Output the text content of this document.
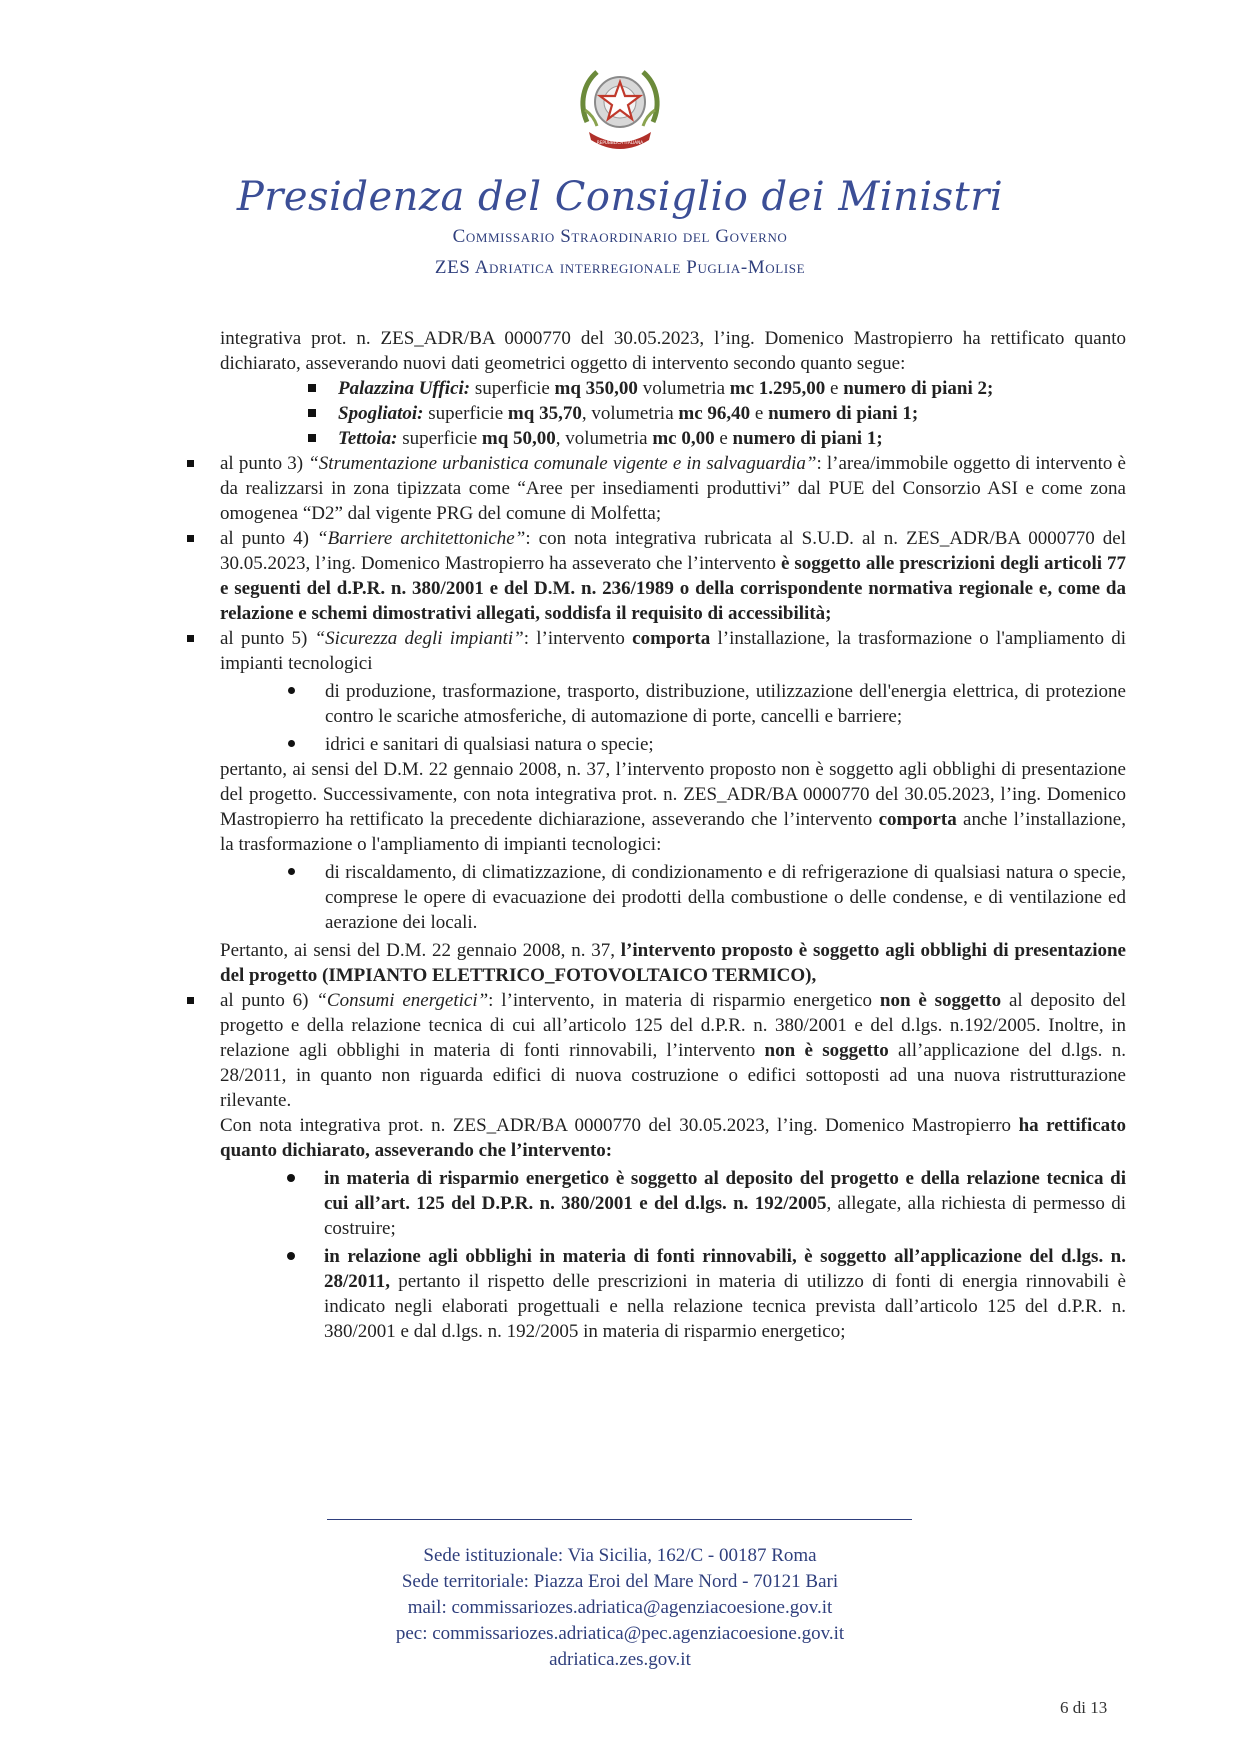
REPUBBLICA ITALIANA
Presidenza del Consiglio dei Ministri
Commissario Straordinario del Governo
ZES Adriatica interregionale Puglia-Molise

integrativa prot. n. ZES_ADR/BA 0000770 del 30.05.2023, l’ing. Domenico Mastropierro ha rettificato quanto dichiarato, asseverando nuovi dati geometrici oggetto di intervento secondo quanto segue:

Palazzina Uffici: superficie mq 350,00 volumetria mc 1.295,00 e numero di piani 2;
Spogliatoi: superficie mq 35,70, volumetria mc 96,40 e numero di piani 1;
Tettoia: superficie mq 50,00, volumetria mc 0,00 e numero di piani 1;
al punto 3) “Strumentazione urbanistica comunale vigente e in salvaguardia”: l’area/immobile oggetto di intervento è da realizzarsi in zona tipizzata come “Aree per insediamenti produttivi” dal PUE del Consorzio ASI e come zona omogenea “D2” dal vigente PRG del comune di Molfetta;
al punto 4) “Barriere architettoniche”: con nota integrativa rubricata al S.U.D. al n. ZES_ADR/BA 0000770 del 30.05.2023, l’ing. Domenico Mastropierro ha asseverato che l’intervento è soggetto alle prescrizioni degli articoli 77 e seguenti del d.P.R. n. 380/2001 e del D.M. n. 236/1989 o della corrispondente normativa regionale e, come da relazione e schemi dimostrativi allegati, soddisfa il requisito di accessibilità;
al punto 5) “Sicurezza degli impianti”: l’intervento comporta l’installazione, la trasformazione o l'ampliamento di impianti tecnologici
di produzione, trasformazione, trasporto, distribuzione, utilizzazione dell'energia elettrica, di protezione contro le scariche atmosferiche, di automazione di porte, cancelli e barriere;
idrici e sanitari di qualsiasi natura o specie;

pertanto, ai sensi del D.M. 22 gennaio 2008, n. 37, l’intervento proposto non è soggetto agli obblighi di presentazione del progetto. Successivamente, con nota integrativa prot. n. ZES_ADR/BA 0000770 del 30.05.2023, l’ing. Domenico Mastropierro ha rettificato la precedente dichiarazione, asseverando che l’intervento comporta anche l’installazione, la trasformazione o l'ampliamento di impianti tecnologici:

di riscaldamento, di climatizzazione, di condizionamento e di refrigerazione di qualsiasi natura o specie, comprese le opere di evacuazione dei prodotti della combustione o delle condense, e di ventilazione ed aerazione dei locali.

Pertanto, ai sensi del D.M. 22 gennaio 2008, n. 37, l’intervento proposto è soggetto agli obblighi di presentazione del progetto (IMPIANTO ELETTRICO_FOTOVOLTAICO TERMICO),

al punto 6) “Consumi energetici”: l’intervento, in materia di risparmio energetico non è soggetto al deposito del progetto e della relazione tecnica di cui all’articolo 125 del d.P.R. n. 380/2001 e del d.lgs. n.192/2005. Inoltre, in relazione agli obblighi in materia di fonti rinnovabili, l’intervento non è soggetto all’applicazione del d.lgs. n. 28/2011, in quanto non riguarda edifici di nuova costruzione o edifici sottoposti ad una nuova ristrutturazione rilevante.

Con nota integrativa prot. n. ZES_ADR/BA 0000770 del 30.05.2023, l’ing. Domenico Mastropierro ha rettificato quanto dichiarato, asseverando che l’intervento:

in materia di risparmio energetico è soggetto al deposito del progetto e della relazione tecnica di cui all’art. 125 del D.P.R. n. 380/2001 e del d.lgs. n. 192/2005, allegate, alla richiesta di permesso di costruire;
in relazione agli obblighi in materia di fonti rinnovabili, è soggetto all’applicazione del d.lgs. n. 28/2011, pertanto il rispetto delle prescrizioni in materia di utilizzo di fonti di energia rinnovabili è indicato negli elaborati progettuali e nella relazione tecnica prevista dall’articolo 125 del d.P.R. n. 380/2001 e dal d.lgs. n. 192/2005 in materia di risparmio energetico;
Sede istituzionale: Via Sicilia, 162/C - 00187 Roma
Sede territoriale: Piazza Eroi del Mare Nord - 70121 Bari
mail: commissariozes.adriatica@agenziacoesione.gov.it
pec: commissariozes.adriatica@pec.agenziacoesione.gov.it
adriatica.zes.gov.it
6 di 13
